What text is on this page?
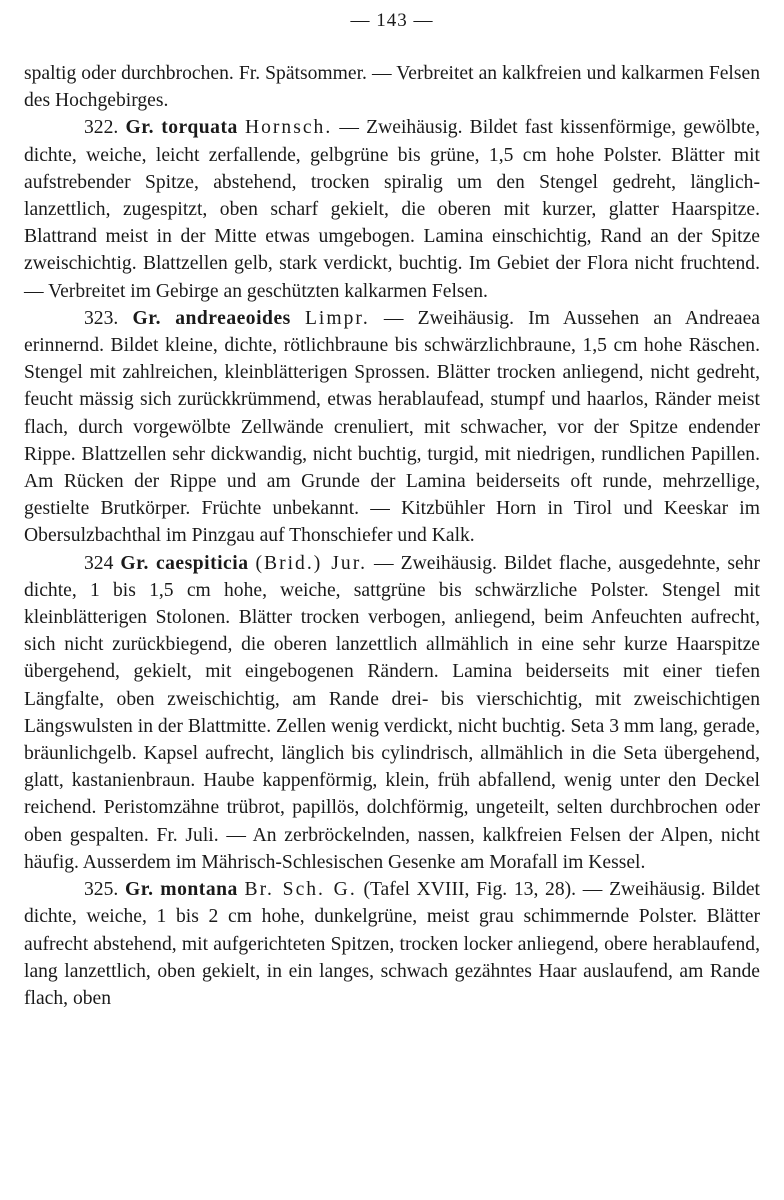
— 143 —

spaltig oder durchbrochen. Fr. Spätsommer. — Verbreitet an kalkfreien und kalkarmen Felsen des Hochgebirges.

322. Gr. torquata Hornsch. — Zweihäusig. Bildet fast kissenförmige, gewölbte, dichte, weiche, leicht zerfallende, gelbgrüne bis grüne, 1,5 cm hohe Polster. Blätter mit aufstrebender Spitze, abstehend, trocken spiralig um den Stengel gedreht, länglich-lanzettlich, zugespitzt, oben scharf gekielt, die oberen mit kurzer, glatter Haarspitze. Blattrand meist in der Mitte etwas umgebogen. Lamina einschichtig, Rand an der Spitze zweischichtig. Blattzellen gelb, stark verdickt, buchtig. Im Gebiet der Flora nicht fruchtend. — Verbreitet im Gebirge an geschützten kalkarmen Felsen.

323. Gr. andreaeoides Limpr. — Zweihäusig. Im Aussehen an Andreaea erinnernd. Bildet kleine, dichte, rötlichbraune bis schwärzlichbraune, 1,5 cm hohe Räschen. Stengel mit zahlreichen, kleinblätterigen Sprossen. Blätter trocken anliegend, nicht gedreht, feucht mässig sich zurückkrümmend, etwas herablaufead, stumpf und haarlos, Ränder meist flach, durch vorgewölbte Zellwände crenuliert, mit schwacher, vor der Spitze endender Rippe. Blattzellen sehr dickwandig, nicht buchtig, turgid, mit niedrigen, rundlichen Papillen. Am Rücken der Rippe und am Grunde der Lamina beiderseits oft runde, mehrzellige, gestielte Brutkörper. Früchte unbekannt. — Kitzbühler Horn in Tirol und Keeskar im Obersulzbachthal im Pinzgau auf Thonschiefer und Kalk.

324 Gr. caespiticia (Brid.) Jur. — Zweihäusig. Bildet flache, ausgedehnte, sehr dichte, 1 bis 1,5 cm hohe, weiche, sattgrüne bis schwärzliche Polster. Stengel mit kleinblätterigen Stolonen. Blätter trocken verbogen, anliegend, beim Anfeuchten aufrecht, sich nicht zurückbiegend, die oberen lanzettlich allmählich in eine sehr kurze Haarspitze übergehend, gekielt, mit eingebogenen Rändern. Lamina beiderseits mit einer tiefen Längfalte, oben zweischichtig, am Rande drei- bis vierschichtig, mit zweischichtigen Längswulsten in der Blattmitte. Zellen wenig verdickt, nicht buchtig. Seta 3 mm lang, gerade, bräunlichgelb. Kapsel aufrecht, länglich bis cylindrisch, allmählich in die Seta übergehend, glatt, kastanienbraun. Haube kappenförmig, klein, früh abfallend, wenig unter den Deckel reichend. Peristomzähne trübrot, papillös, dolchförmig, ungeteilt, selten durchbrochen oder oben gespalten. Fr. Juli. — An zerbröckelnden, nassen, kalkfreien Felsen der Alpen, nicht häufig. Ausserdem im Mährisch-Schlesischen Gesenke am Morafall im Kessel.

325. Gr. montana Br. Sch. G. (Tafel XVIII, Fig. 13, 28). — Zweihäusig. Bildet dichte, weiche, 1 bis 2 cm hohe, dunkelgrüne, meist grau schimmernde Polster. Blätter aufrecht abstehend, mit aufgerichteten Spitzen, trocken locker anliegend, obere herablaufend, lang lanzettlich, oben gekielt, in ein langes, schwach gezähntes Haar auslaufend, am Rande flach, oben
